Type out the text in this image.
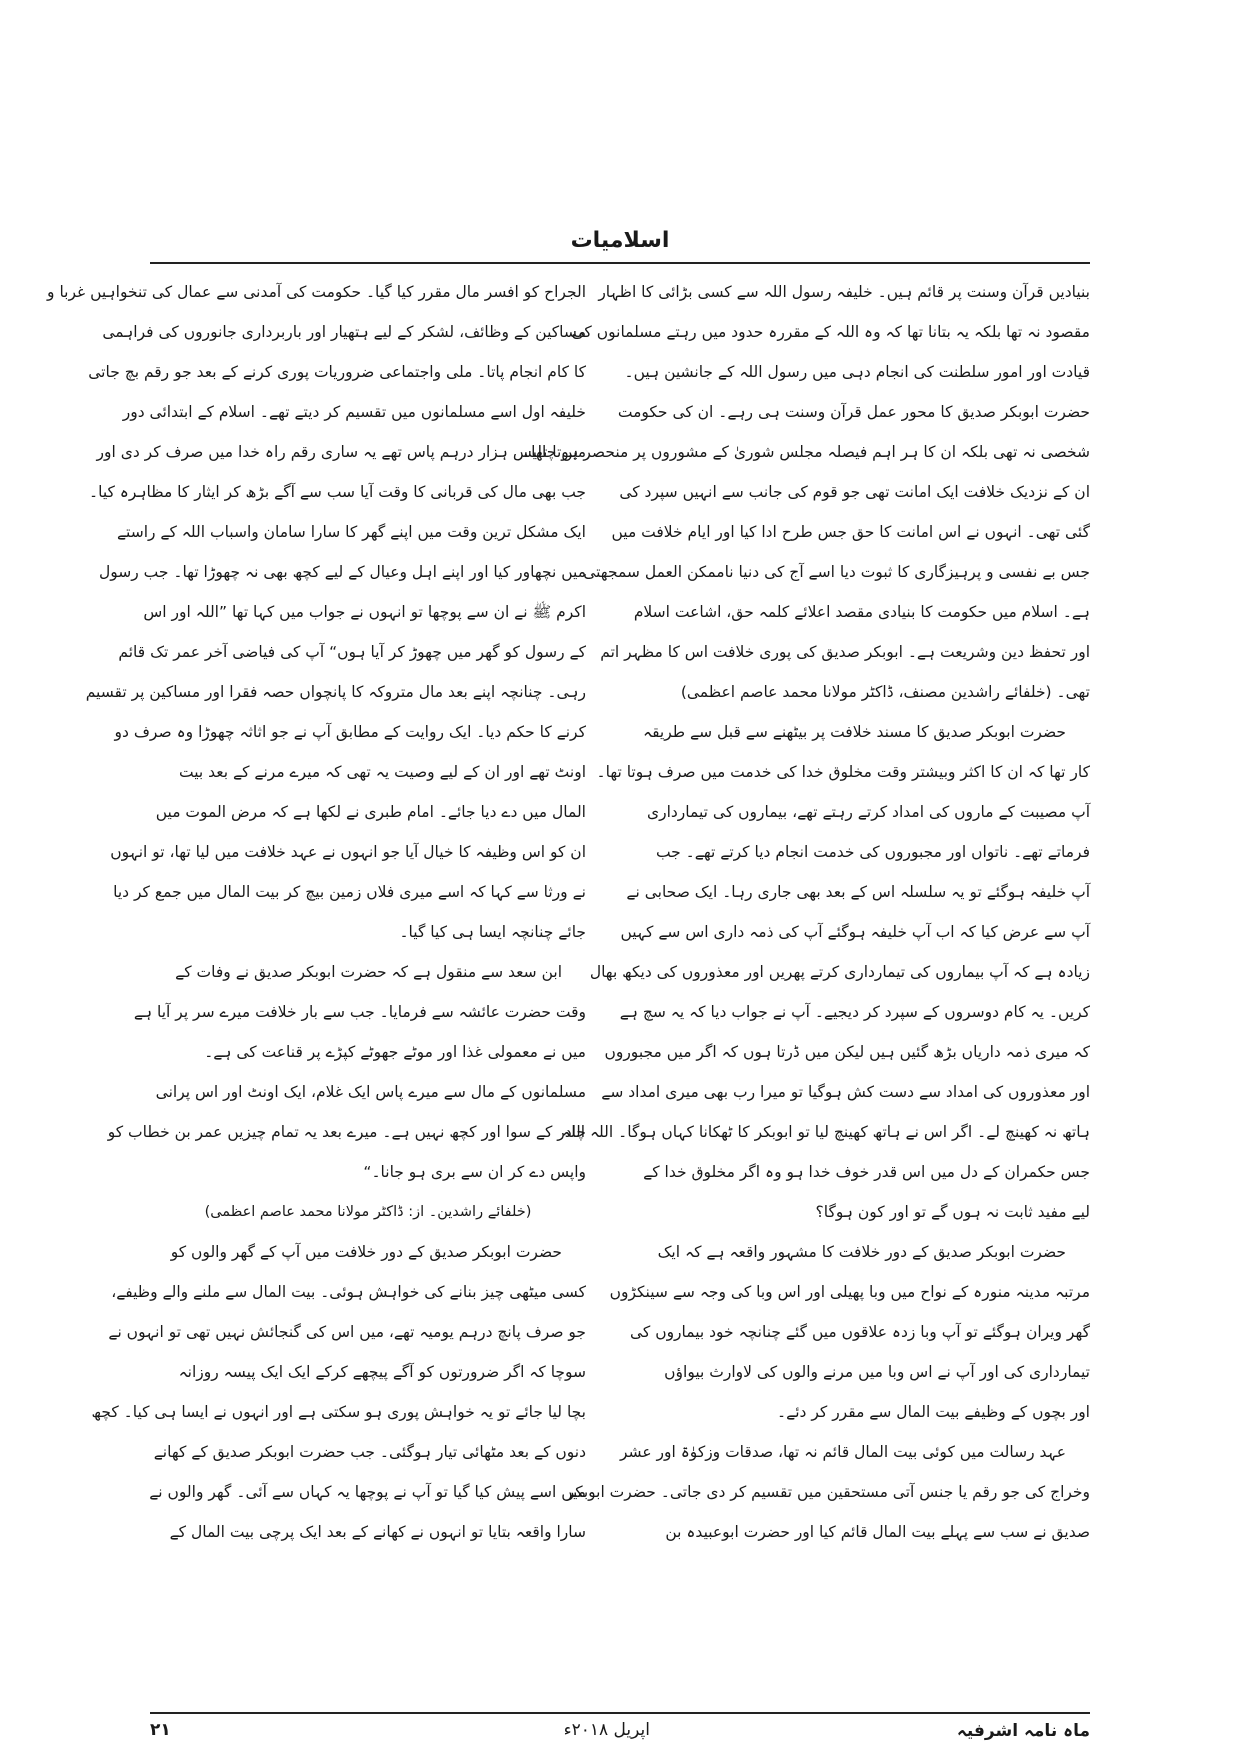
اسلامیات
بنیادیں قرآن وسنت پر قائم ہیں۔ خلیفہ رسول اللہ سے کسی بڑائی کا اظہار
مقصود نہ تھا بلکہ یہ بتانا تھا کہ وہ اللہ کے مقررہ حدود میں رہتے مسلمانوں کی
قیادت اور امور سلطنت کی انجام دہی میں رسول اللہ کے جانشین ہیں۔
حضرت ابوبکر صدیق کا محور عمل قرآن وسنت ہی رہے۔ ان کی حکومت
شخصی نہ تھی بلکہ ان کا ہر اہم فیصلہ مجلس شوریٰ کے مشوروں پر منحصر ہوتا تھا۔
ان کے نزدیک خلافت ایک امانت تھی جو قوم کی جانب سے انہیں سپرد کی
گئی تھی۔ انہوں نے اس امانت کا حق جس طرح ادا کیا اور ایام خلافت میں
جس بے نفسی و پرہیزگاری کا ثبوت دیا اسے آج کی دنیا ناممکن العمل سمجھتی
ہے۔ اسلام میں حکومت کا بنیادی مقصد اعلائے کلمہ حق، اشاعت اسلام
اور تحفظ دین وشریعت ہے۔ ابوبکر صدیق کی پوری خلافت اس کا مظہر اتم
تھی۔ (خلفائے راشدین مصنف، ڈاکٹر مولانا محمد عاصم اعظمی)
حضرت ابوبکر صدیق کا مسند خلافت پر بیٹھنے سے قبل سے طریقہ
کار تھا کہ ان کا اکثر وبیشتر وقت مخلوق خدا کی خدمت میں صرف ہوتا تھا۔
آپ مصیبت کے ماروں کی امداد کرتے رہتے تھے، بیماروں کی تیمارداری
فرماتے تھے۔ ناتواں اور مجبوروں کی خدمت انجام دیا کرتے تھے۔ جب
آپ خلیفہ ہوگئے تو یہ سلسلہ اس کے بعد بھی جاری رہا۔ ایک صحابی نے
آپ سے عرض کیا کہ اب آپ خلیفہ ہوگئے آپ کی ذمہ داری اس سے کہیں
زیادہ ہے کہ آپ بیماروں کی تیمارداری کرتے پھریں اور معذوروں کی دیکھ بھال
کریں۔ یہ کام دوسروں کے سپرد کر دیجیے۔ آپ نے جواب دیا کہ یہ سچ ہے
کہ میری ذمہ داریاں بڑھ گئیں ہیں لیکن میں ڈرتا ہوں کہ اگر میں مجبوروں
اور معذوروں کی امداد سے دست کش ہوگیا تو میرا رب بھی میری امداد سے
ہاتھ نہ کھینچ لے۔ اگر اس نے ہاتھ کھینچ لیا تو ابوبکر کا ٹھکانا کہاں ہوگا۔ اللہ اللہ
جس حکمران کے دل میں اس قدر خوف خدا ہو وہ اگر مخلوق خدا کے
لیے مفید ثابت نہ ہوں گے تو اور کون ہوگا؟
حضرت ابوبکر صدیق کے دور خلافت کا مشہور واقعہ ہے کہ ایک
مرتبہ مدینہ منورہ کے نواح میں وبا پھیلی اور اس وبا کی وجہ سے سینکڑوں
گھر ویران ہوگئے تو آپ وبا زدہ علاقوں میں گئے چنانچہ خود بیماروں کی
تیمارداری کی اور آپ نے اس وبا میں مرنے والوں کی لاوارث بیواؤں
اور بچوں کے وظیفے بیت المال سے مقرر کر دئے۔
عہد رسالت میں کوئی بیت المال قائم نہ تھا، صدقات وزکوٰۃ اور عشر
وخراج کی جو رقم یا جنس آتی مستحقین میں تقسیم کر دی جاتی۔ حضرت ابوبکر
صدیق نے سب سے پہلے بیت المال قائم کیا اور حضرت ابوعبیدہ بن
الجراح کو افسر مال مقرر کیا گیا۔ حکومت کی آمدنی سے عمال کی تنخواہیں غربا و
مساکین کے وظائف، لشکر کے لیے ہتھیار اور باربرداری جانوروں کی فراہمی
کا کام انجام پاتا۔ ملی واجتماعی ضروریات پوری کرنے کے بعد جو رقم بچ جاتی
خلیفہ اول اسے مسلمانوں میں تقسیم کر دیتے تھے۔ اسلام کے ابتدائی دور
میں چالیس ہزار درہم پاس تھے یہ ساری رقم راہ خدا میں صرف کر دی اور
جب بھی مال کی قربانی کا وقت آیا سب سے آگے بڑھ کر ایثار کا مظاہرہ کیا۔
ایک مشکل ترین وقت میں اپنے گھر کا سارا سامان واسباب اللہ کے راستے
میں نچھاور کیا اور اپنے اہل وعیال کے لیے کچھ بھی نہ چھوڑا تھا۔ جب رسول
اکرم ﷺ نے ان سے پوچھا تو انہوں نے جواب میں کہا تھا ”اللہ اور اس
کے رسول کو گھر میں چھوڑ کر آیا ہوں“ آپ کی فیاضی آخر عمر تک قائم
رہی۔ چنانچہ اپنے بعد مال متروکہ کا پانچواں حصہ فقرا اور مساکین پر تقسیم
کرنے کا حکم دیا۔ ایک روایت کے مطابق آپ نے جو اثاثہ چھوڑا وہ صرف دو
اونٹ تھے اور ان کے لیے وصیت یہ تھی کہ میرے مرنے کے بعد بیت
المال میں دے دیا جائے۔ امام طبری نے لکھا ہے کہ مرض الموت میں
ان کو اس وظیفہ کا خیال آیا جو انہوں نے عہد خلافت میں لیا تھا، تو انہوں
نے ورثا سے کہا کہ اسے میری فلاں زمین بیچ کر بیت المال میں جمع کر دیا
جائے چنانچہ ایسا ہی کیا گیا۔
ابن سعد سے منقول ہے کہ حضرت ابوبکر صدیق نے وفات کے
وقت حضرت عائشہ سے فرمایا۔ جب سے بار خلافت میرے سر پر آیا ہے
میں نے معمولی غذا اور موٹے جھوٹے کپڑے پر قناعت کی ہے۔
مسلمانوں کے مال سے میرے پاس ایک غلام، ایک اونٹ اور اس پرانی
چادر کے سوا اور کچھ نہیں ہے۔ میرے بعد یہ تمام چیزیں عمر بن خطاب کو
واپس دے کر ان سے بری ہو جانا۔“
(خلفائے راشدین۔ از: ڈاکٹر مولانا محمد عاصم اعظمی)
حضرت ابوبکر صدیق کے دور خلافت میں آپ کے گھر والوں کو
کسی میٹھی چیز بنانے کی خواہش ہوئی۔ بیت المال سے ملنے والے وظیفے،
جو صرف پانچ درہم یومیہ تھے، میں اس کی گنجائش نہیں تھی تو انہوں نے
سوچا کہ اگر ضرورتوں کو آگے پیچھے کرکے ایک ایک پیسہ روزانہ
بچا لیا جائے تو یہ خواہش پوری ہو سکتی ہے اور انہوں نے ایسا ہی کیا۔ کچھ
دنوں کے بعد مٹھائی تیار ہوگئی۔ جب حضرت ابوبکر صدیق کے کھانے
میں اسے پیش کیا گیا تو آپ نے پوچھا یہ کہاں سے آئی۔ گھر والوں نے
سارا واقعہ بتایا تو انہوں نے کھانے کے بعد ایک پرچی بیت المال کے
ماہ نامہ اشرفیہ
اپریل ۲۰۱۸ء
۲۱
